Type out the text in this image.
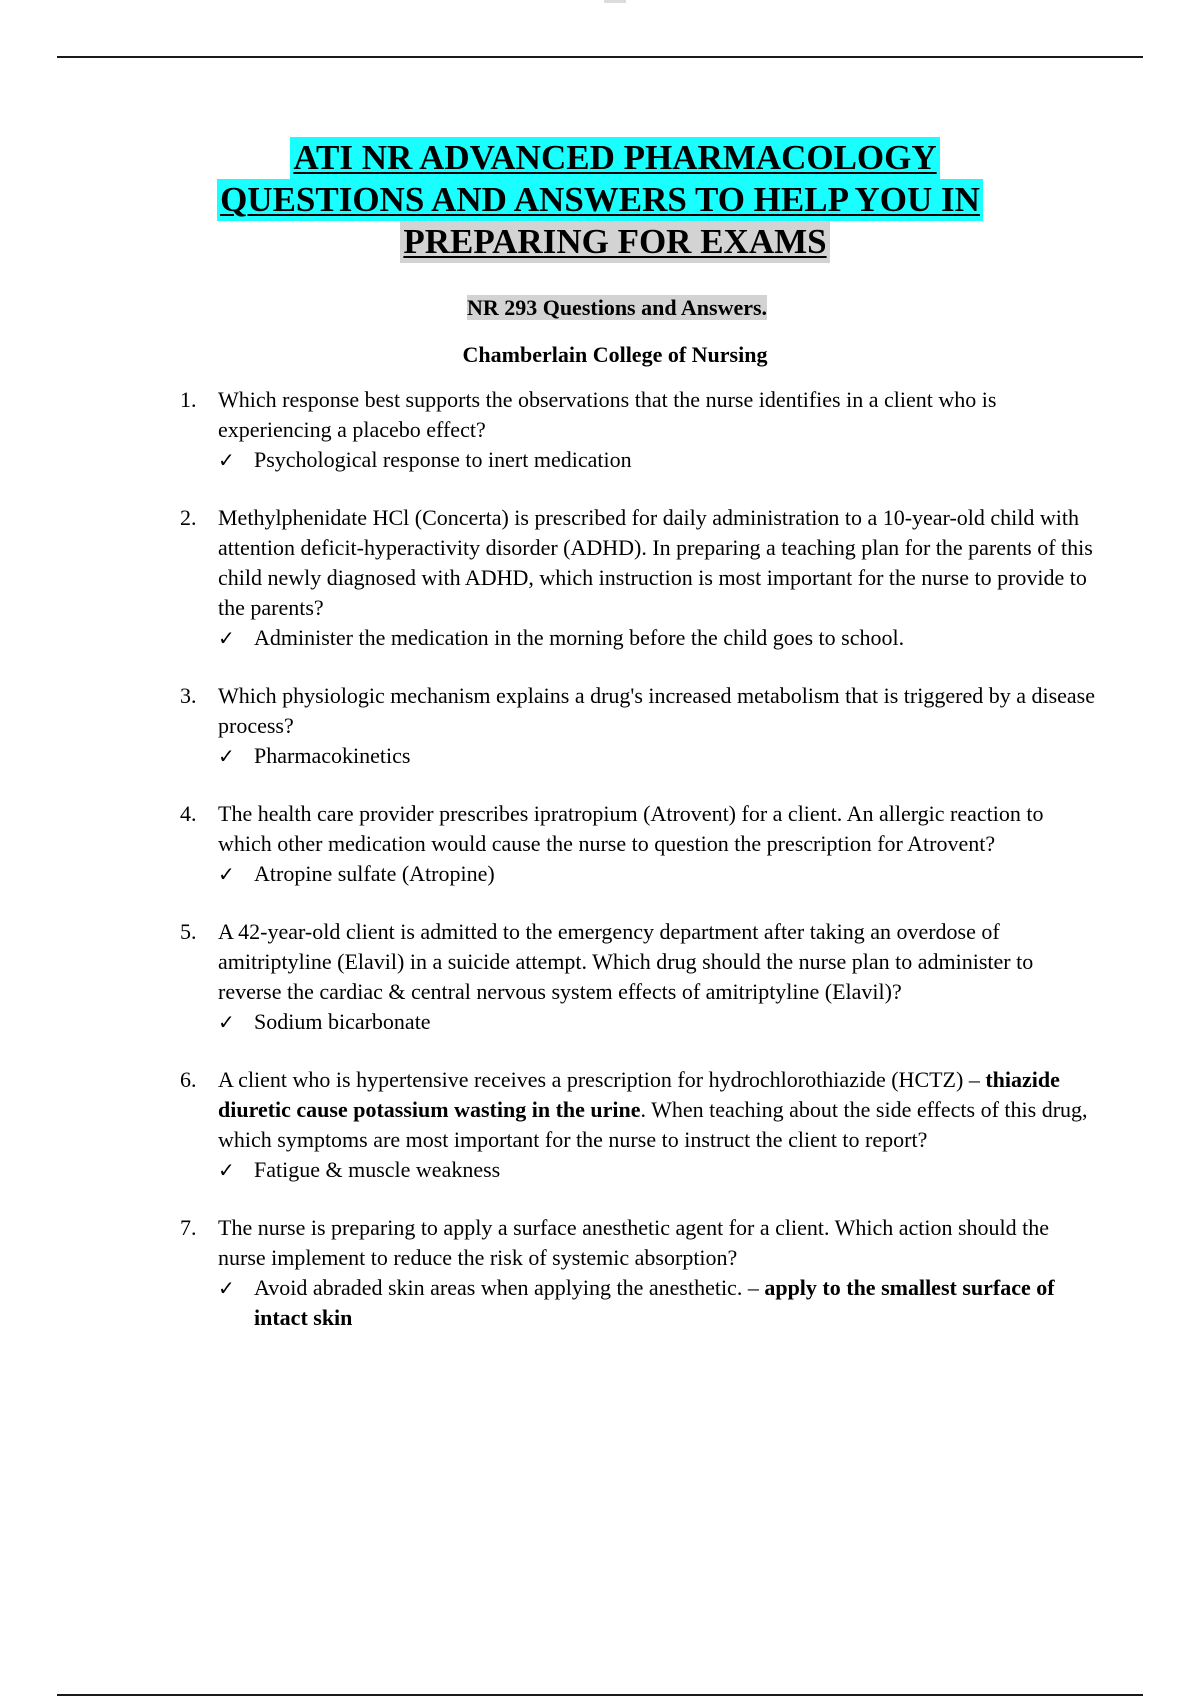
ATI NR ADVANCED PHARMACOLOGY
QUESTIONS AND ANSWERS TO HELP YOU IN
PREPARING FOR EXAMS
NR 293 Questions and Answers.
Chamberlain College of Nursing
1. Which response best supports the observations that the nurse identifies in a client who is experiencing a placebo effect?
✓ Psychological response to inert medication
2. Methylphenidate HCl (Concerta) is prescribed for daily administration to a 10-year-old child with attention deficit-hyperactivity disorder (ADHD). In preparing a teaching plan for the parents of this child newly diagnosed with ADHD, which instruction is most important for the nurse to provide to the parents?
✓ Administer the medication in the morning before the child goes to school.
3. Which physiologic mechanism explains a drug's increased metabolism that is triggered by a disease process?
✓ Pharmacokinetics
4. The health care provider prescribes ipratropium (Atrovent) for a client. An allergic reaction to which other medication would cause the nurse to question the prescription for Atrovent?
✓ Atropine sulfate (Atropine)
5. A 42-year-old client is admitted to the emergency department after taking an overdose of amitriptyline (Elavil) in a suicide attempt. Which drug should the nurse plan to administer to reverse the cardiac & central nervous system effects of amitriptyline (Elavil)?
✓ Sodium bicarbonate
6. A client who is hypertensive receives a prescription for hydrochlorothiazide (HCTZ) – thiazide diuretic cause potassium wasting in the urine. When teaching about the side effects of this drug, which symptoms are most important for the nurse to instruct the client to report?
✓ Fatigue & muscle weakness
7. The nurse is preparing to apply a surface anesthetic agent for a client. Which action should the nurse implement to reduce the risk of systemic absorption?
✓ Avoid abraded skin areas when applying the anesthetic. – apply to the smallest surface of intact skin
